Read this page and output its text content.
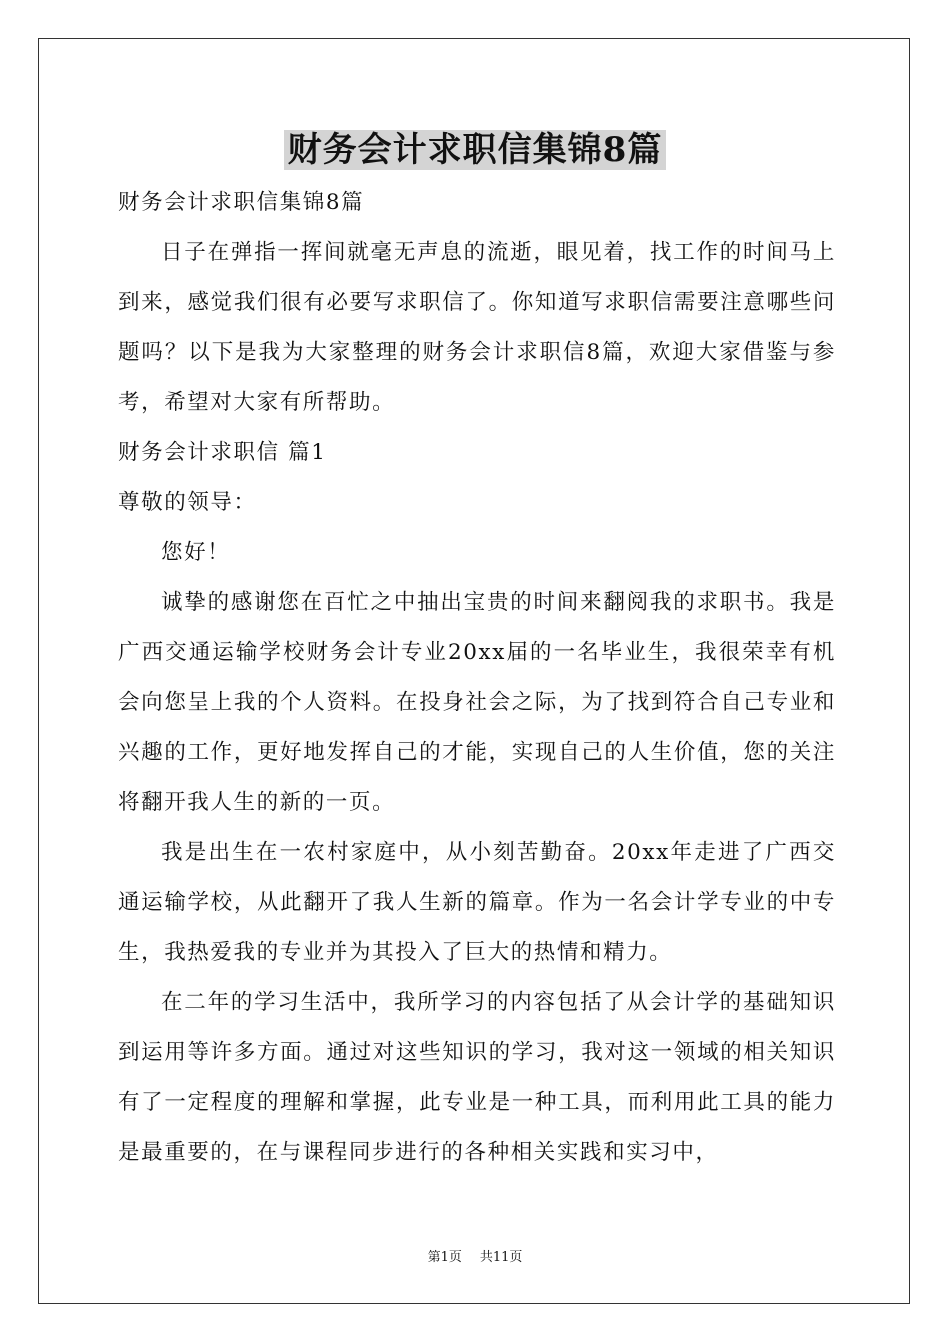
财务会计求职信集锦8篇

财务会计求职信集锦8篇

日子在弹指一挥间就毫无声息的流逝，眼见着，找工作的时间马上到来，感觉我们很有必要写求职信了。你知道写求职信需要注意哪些问题吗？以下是我为大家整理的财务会计求职信8篇，欢迎大家借鉴与参考，希望对大家有所帮助。

财务会计求职信 篇1

尊敬的领导：

您好！

诚挚的感谢您在百忙之中抽出宝贵的时间来翻阅我的求职书。我是广西交通运输学校财务会计专业20xx届的一名毕业生，我很荣幸有机会向您呈上我的个人资料。在投身社会之际，为了找到符合自己专业和兴趣的工作，更好地发挥自己的才能，实现自己的人生价值，您的关注将翻开我人生的新的一页。

我是出生在一农村家庭中，从小刻苦勤奋。20xx年走进了广西交通运输学校，从此翻开了我人生新的篇章。作为一名会计学专业的中专生，我热爱我的专业并为其投入了巨大的热情和精力。

在二年的学习生活中，我所学习的内容包括了从会计学的基础知识到运用等许多方面。通过对这些知识的学习，我对这一领域的相关知识有了一定程度的理解和掌握，此专业是一种工具，而利用此工具的能力是最重要的，在与课程同步进行的各种相关实践和实习中，

第1页 共11页
